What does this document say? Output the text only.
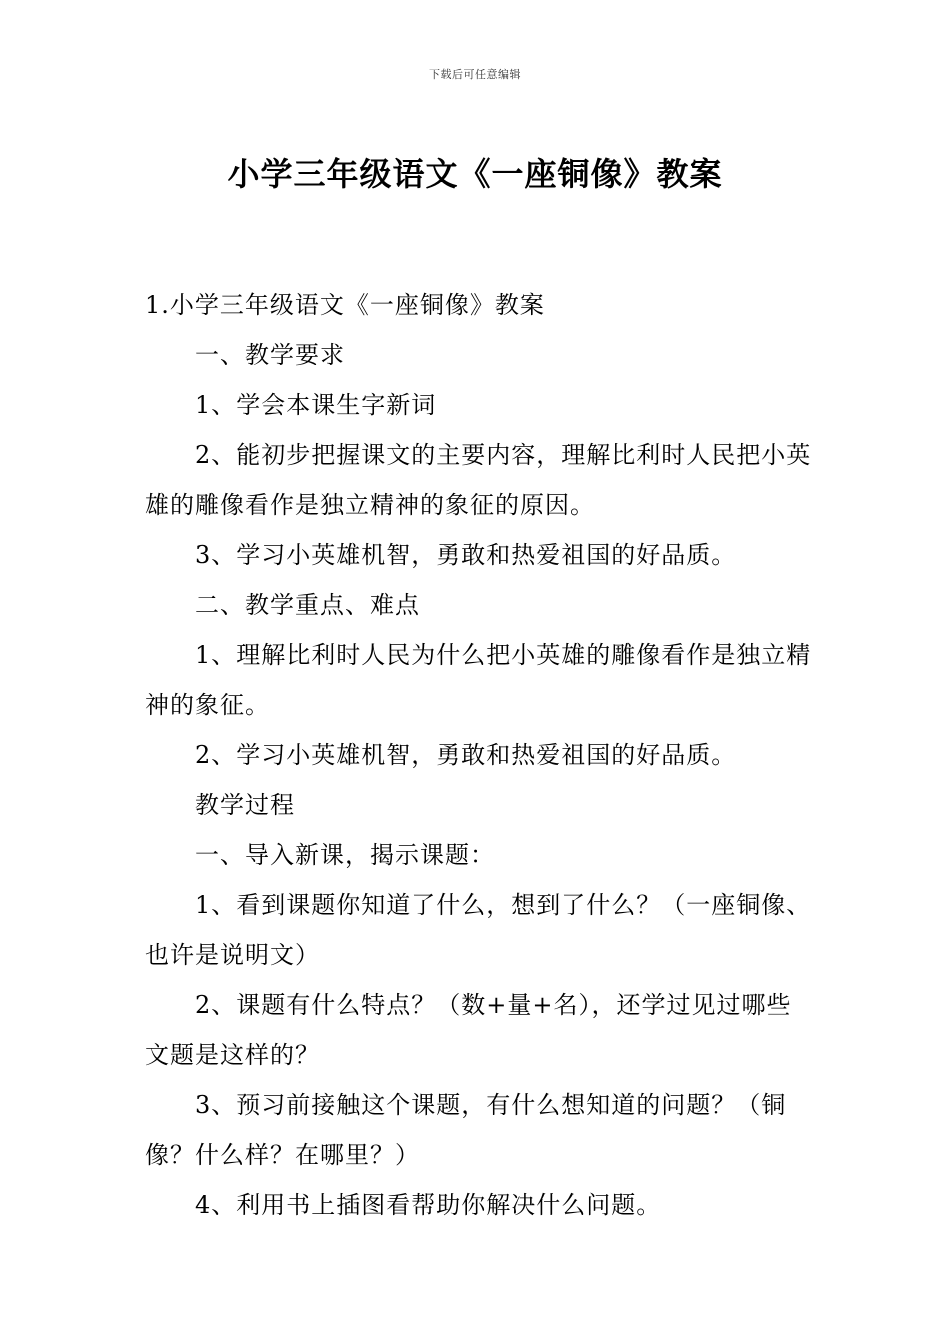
下载后可任意编辑
小学三年级语文《一座铜像》教案

1.小学三年级语文《一座铜像》教案

一、教学要求

1、学会本课生字新词

2、能初步把握课文的主要内容，理解比利时人民把小英雄的雕像看作是独立精神的象征的原因。

3、学习小英雄机智，勇敢和热爱祖国的好品质。

二、教学重点、难点

1、理解比利时人民为什么把小英雄的雕像看作是独立精神的象征。

2、学习小英雄机智，勇敢和热爱祖国的好品质。

教学过程

一、导入新课，揭示课题：

1、看到课题你知道了什么，想到了什么？（一座铜像、也许是说明文）

2、课题有什么特点？（数+量+名），还学过见过哪些文题是这样的？

3、预习前接触这个课题，有什么想知道的问题？（铜像？什么样？在哪里？）

4、利用书上插图看帮助你解决什么问题。
